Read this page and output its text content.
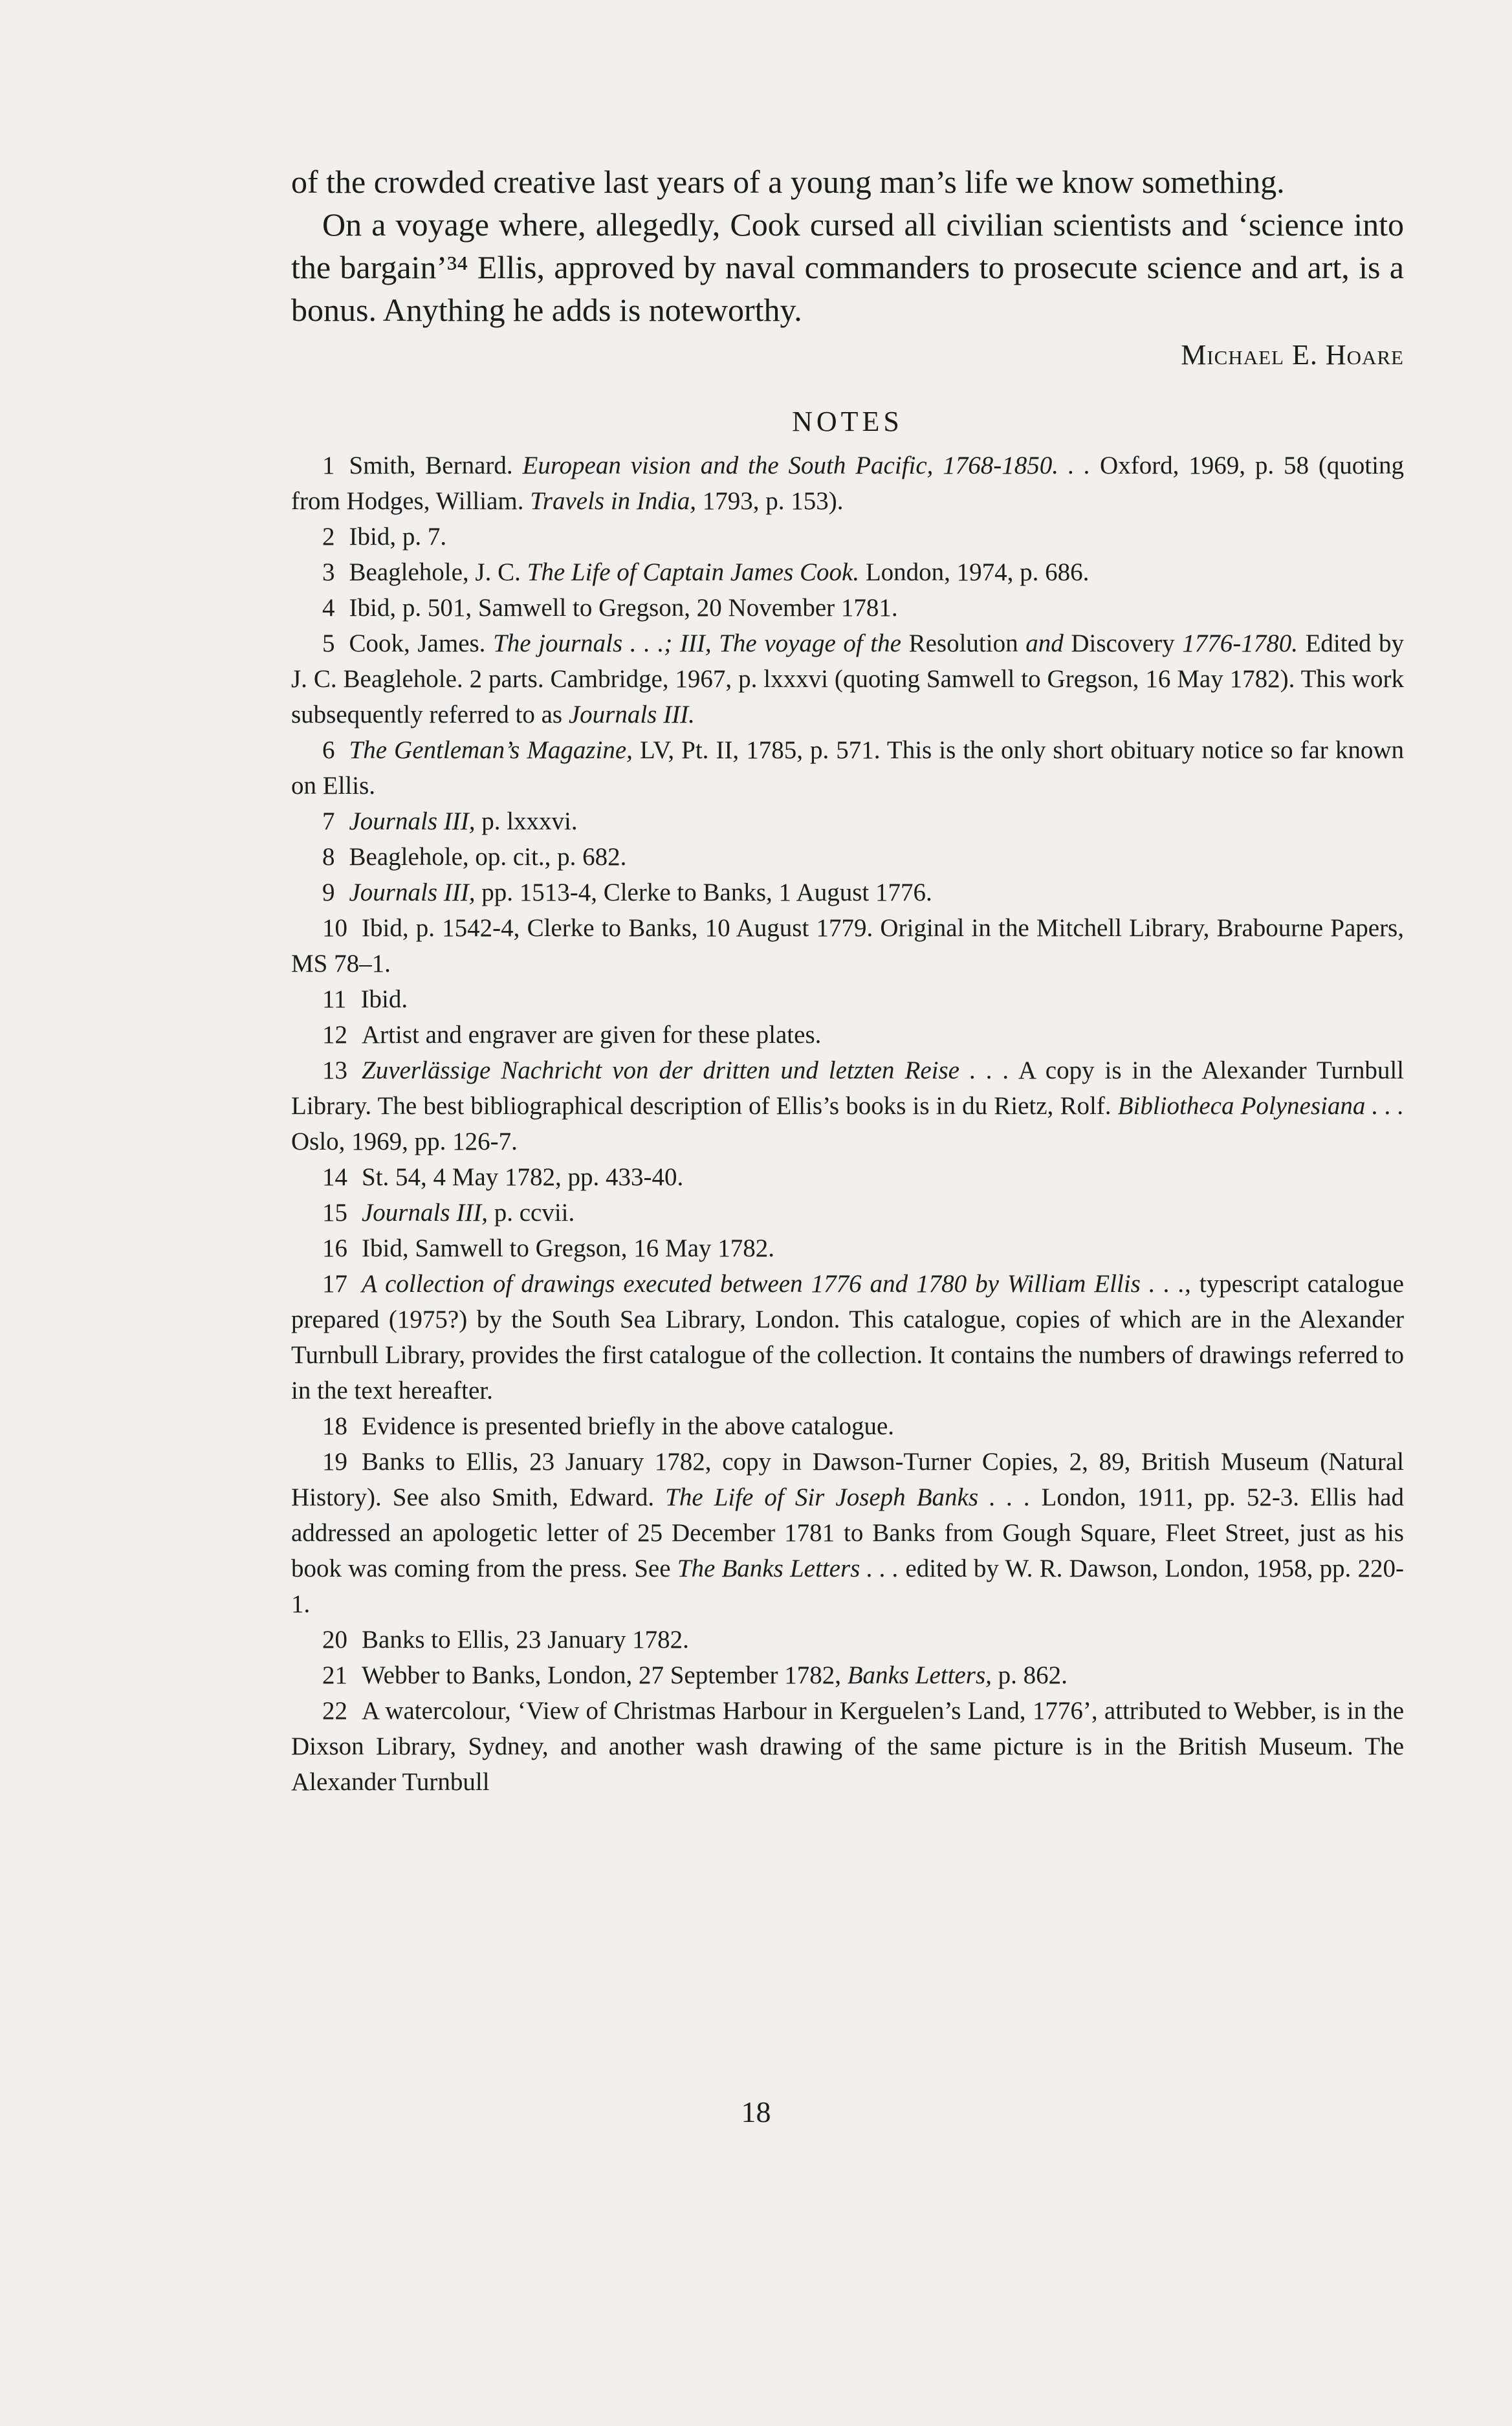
of the crowded creative last years of a young man’s life we know something.

On a voyage where, allegedly, Cook cursed all civilian scientists and ‘science into the bargain’³⁴ Ellis, approved by naval commanders to prosecute science and art, is a bonus. Anything he adds is noteworthy.

Michael E. Hoare
NOTES
1 Smith, Bernard. European vision and the South Pacific, 1768-1850. . . Oxford, 1969, p. 58 (quoting from Hodges, William. Travels in India, 1793, p. 153).
2 Ibid, p. 7.
3 Beaglehole, J. C. The Life of Captain James Cook. London, 1974, p. 686.
4 Ibid, p. 501, Samwell to Gregson, 20 November 1781.
5 Cook, James. The journals . . .; III, The voyage of the Resolution and Discovery 1776-1780. Edited by J. C. Beaglehole. 2 parts. Cambridge, 1967, p. lxxxvi (quoting Samwell to Gregson, 16 May 1782). This work subsequently referred to as Journals III.
6 The Gentleman’s Magazine, LV, Pt. II, 1785, p. 571. This is the only short obituary notice so far known on Ellis.
7 Journals III, p. lxxxvi.
8 Beaglehole, op. cit., p. 682.
9 Journals III, pp. 1513-4, Clerke to Banks, 1 August 1776.
10 Ibid, p. 1542-4, Clerke to Banks, 10 August 1779. Original in the Mitchell Library, Brabourne Papers, MS 78–1.
11 Ibid.
12 Artist and engraver are given for these plates.
13 Zuverlässige Nachricht von der dritten und letzten Reise . . . A copy is in the Alexander Turnbull Library. The best bibliographical description of Ellis’s books is in du Rietz, Rolf. Bibliotheca Polynesiana . . . Oslo, 1969, pp. 126-7.
14 St. 54, 4 May 1782, pp. 433-40.
15 Journals III, p. ccvii.
16 Ibid, Samwell to Gregson, 16 May 1782.
17 A collection of drawings executed between 1776 and 1780 by William Ellis . . ., typescript catalogue prepared (1975?) by the South Sea Library, London. This catalogue, copies of which are in the Alexander Turnbull Library, provides the first catalogue of the collection. It contains the numbers of drawings referred to in the text hereafter.
18 Evidence is presented briefly in the above catalogue.
19 Banks to Ellis, 23 January 1782, copy in Dawson-Turner Copies, 2, 89, British Museum (Natural History). See also Smith, Edward. The Life of Sir Joseph Banks . . . London, 1911, pp. 52-3. Ellis had addressed an apologetic letter of 25 December 1781 to Banks from Gough Square, Fleet Street, just as his book was coming from the press. See The Banks Letters . . . edited by W. R. Dawson, London, 1958, pp. 220-1.
20 Banks to Ellis, 23 January 1782.
21 Webber to Banks, London, 27 September 1782, Banks Letters, p. 862.
22 A watercolour, ‘View of Christmas Harbour in Kerguelen’s Land, 1776’, attributed to Webber, is in the Dixson Library, Sydney, and another wash drawing of the same picture is in the British Museum. The Alexander Turnbull
18
